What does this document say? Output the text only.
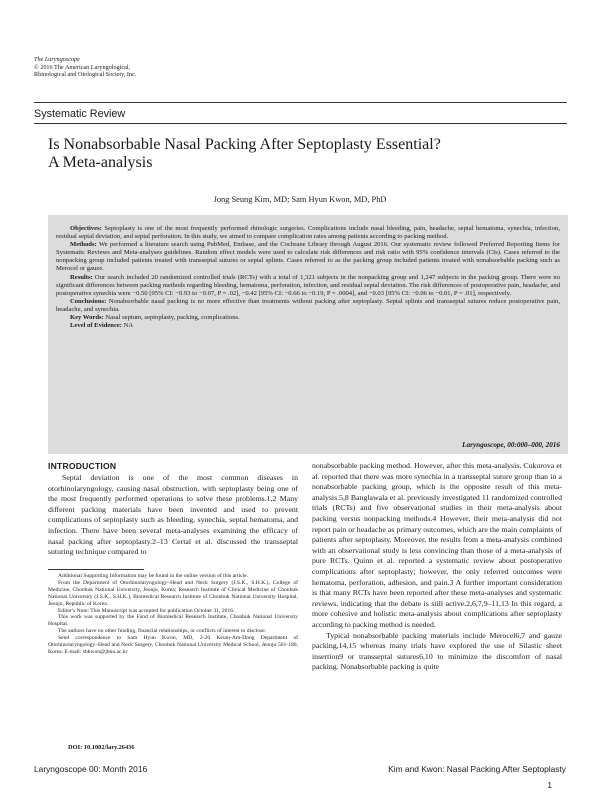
The Laryngoscope
© 2016 The American Laryngological,
Rhinological and Otological Society, Inc.
Systematic Review
Is Nonabsorbable Nasal Packing After Septoplasty Essential?
A Meta-analysis
Jong Seung Kim, MD; Sam Hyun Kwon, MD, PhD

Objectives: Septoplasty is one of the most frequently performed rhinologic surgeries. Complications include nasal bleeding, pain, headache, septal hematoma, synechia, infection, residual septal deviation, and septal perforation. In this study, we aimed to compare complication rates among patients according to packing method.

Methods: We performed a literature search using PubMed, Embase, and the Cochrane Library through August 2016. Our systematic review followed Preferred Reporting Items for Systematic Reviews and Meta-analyses guidelines. Random effect models were used to calculate risk differences and risk ratio with 95% confidence intervals (CIs). Cases referred to the nonpacking group included patients treated with transseptal sutures or septal splints. Cases referred to as the packing group included patients treated with nonabsorbable packing such as Merocel or gauze.

Results: Our search included 20 randomized controlled trials (RCTs) with a total of 1,321 subjects in the nonpacking group and 1,247 subjects in the packing group. There were no significant differences between packing methods regarding bleeding, hematoma, perforation, infection, and residual septal deviation. The risk differences of postoperative pain, headache, and postoperative synechia were −0.50 [95% CI: −0.93 to −0.07, P = .02], −0.42 [95% CI: −0.66 to −0.19, P = .0004], and −0.03 [95% CI: −0.06 to −0.01, P = .01], respectively.

Conclusions: Nonabsorbable nasal packing is no more effective than treatments without packing after septoplasty. Septal splints and transseptal sutures reduce postoperative pain, headache, and synechia.

Key Words: Nasal septum, septoplasty, packing, complications.

Level of Evidence: NA

Laryngoscope, 00:000–000, 2016
INTRODUCTION

Septal deviation is one of the most common diseases in otorhinolaryngology, causing nasal obstruction, with septoplasty being one of the most frequently performed operations to solve these problems.1,2 Many different packing materials have been invented and used to prevent complications of septoplasty such as bleeding, synechia, septal hematoma, and infection. There have been several meta-analyses examining the efficacy of nasal packing after septoplasty.2–13 Certal et al. discussed the transseptal suturing technique compared to

Additional Supporting Information may be found in the online version of this article.

From the Department of Otorhinolaryngology–Head and Neck Surgery (J.S.K., S.H.K.), College of Medicine, Chonbuk National University, Jeonju, Korea; Research Institute of Clinical Medicine of Chonbuk National University (J.S.K., S.H.K.), Biomedical Research Institute of Chonbuk National University Hospital, Jeonju, Republic of Korea.

Editor's Note: This Manuscript was accepted for publication October 31, 2016.

This work was supported by the Fund of Biomedical Research Institute, Chonbuk National University Hospital.

The authors have no other funding, financial relationships, or conflicts of interest to disclose.

Send correspondence to Sam Hyun Kwon, MD, 2-20 Keum-Am-Dong Department of Otorhinolaryngology–Head and Neck Surgery, Chonbuk National University Medical School, Jeonju 561-180, Korea. E-mail: shkwon@jbnu.ac.kr

nonabsorbable packing method. However, after this meta-analysis, Cukurova et al. reported that there was more synechia in a transseptal suture group than in a nonabsorbable packing group, which is the opposite result of this meta-analysis.5,8 Banglawala et al. previously investigated 11 randomized controlled trials (RCTs) and five observational studies in their meta-analysis about packing versus nonpacking methods.4 However, their meta-analysis did not report pain or headache as primary outcomes, which are the main complaints of patients after septoplasty. Moreover, the results from a meta-analysis combined with an observational study is less convincing than those of a meta-analysis of pure RCTs. Quinn et al. reported a systematic review about postoperative complications after septoplasty; however, the only referred outcomes were hematoma, perforation, adhesion, and pain.3 A further important consideration is that many RCTs have been reported after these meta-analyses and systematic reviews, indicating that the debate is still active.2,6,7,9–11,13 In this regard, a more cohesive and holistic meta-analysis about complications after septoplasty according to packing method is needed.

Typical nonabsorbable packing materials include Merocel6,7 and gauze packing,14,15 whereas many trials have explored the use of Silastic sheet insertion9 or transseptal sutures6,10 to minimize the discomfort of nasal packing. Nonabsorbable packing is quite

DOI: 10.1002/lary.26436
Laryngoscope 00: Month 2016	Kim and Kwon: Nasal Packing After Septoplasty
1
